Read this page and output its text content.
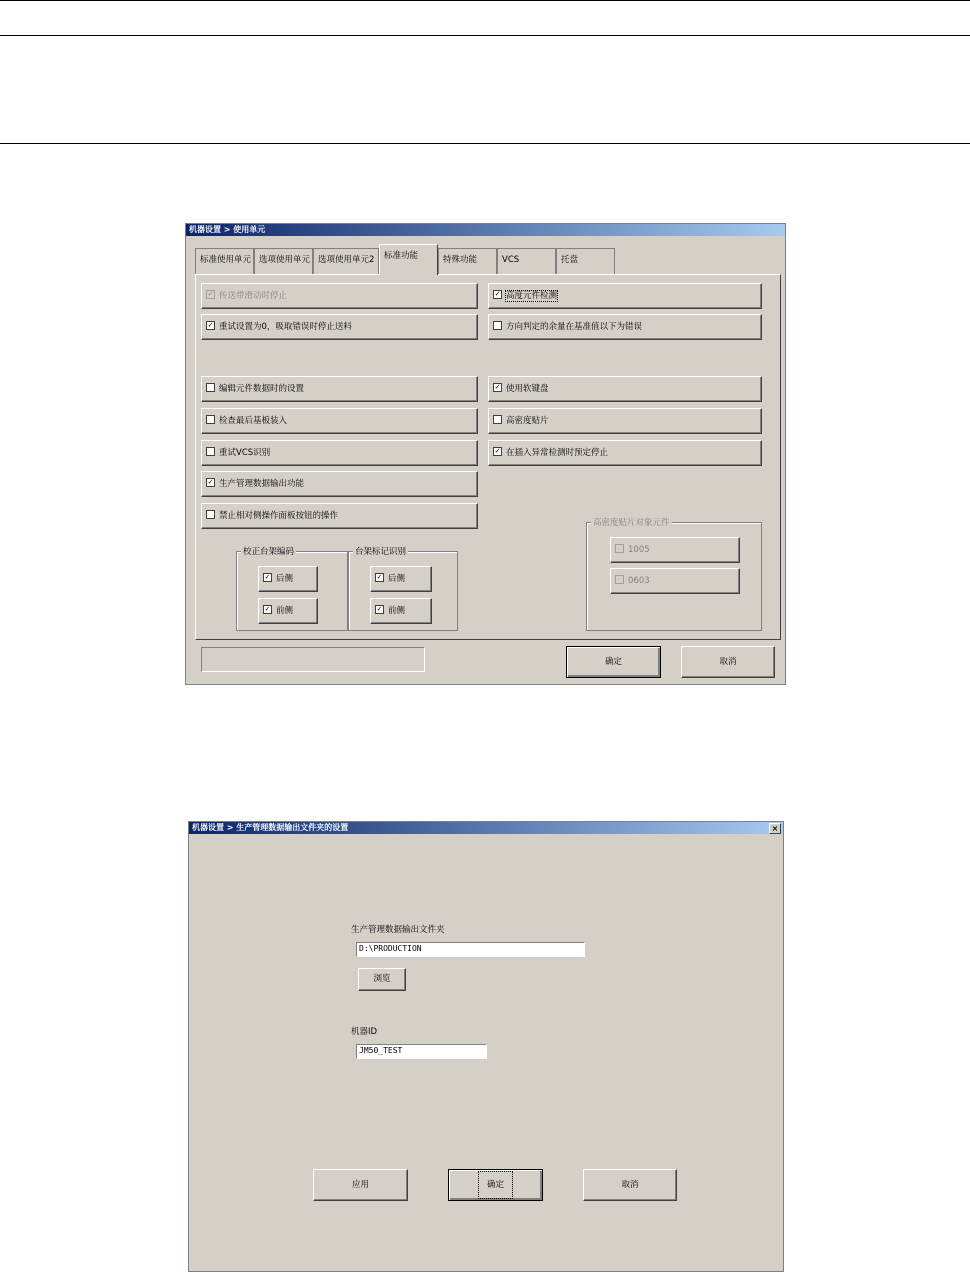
机器设置 > 使用单元
标准使用单元 选项使用单元 选项使用单元2	标准功能	特殊功能	VCS	托盘
✓ 传送带滑动时停止
✓ 重试设置为0，吸取错误时停止送料
编辑元件数据时的设置
检查最后基板装入
重试VCS识别
✓ 生产管理数据输出功能
禁止相对侧操作面板按钮的操作
✓ 高度元件检测
方向判定的余量在基准值以下为错误
✓ 使用软键盘
高密度贴片
✓ 在插入异常检测时预定停止
校正台架编码
✓ 后侧
✓ 前侧
台架标记识别
✓ 后侧
✓ 前侧
高密度贴片对象元件
1005
0603
确定	取消
机器设置 > 生产管理数据输出文件夹的设置	×
生产管理数据输出文件夹
D:\PRODUCTION
浏览
机器ID
JM50_TEST
应用	确定	取消
